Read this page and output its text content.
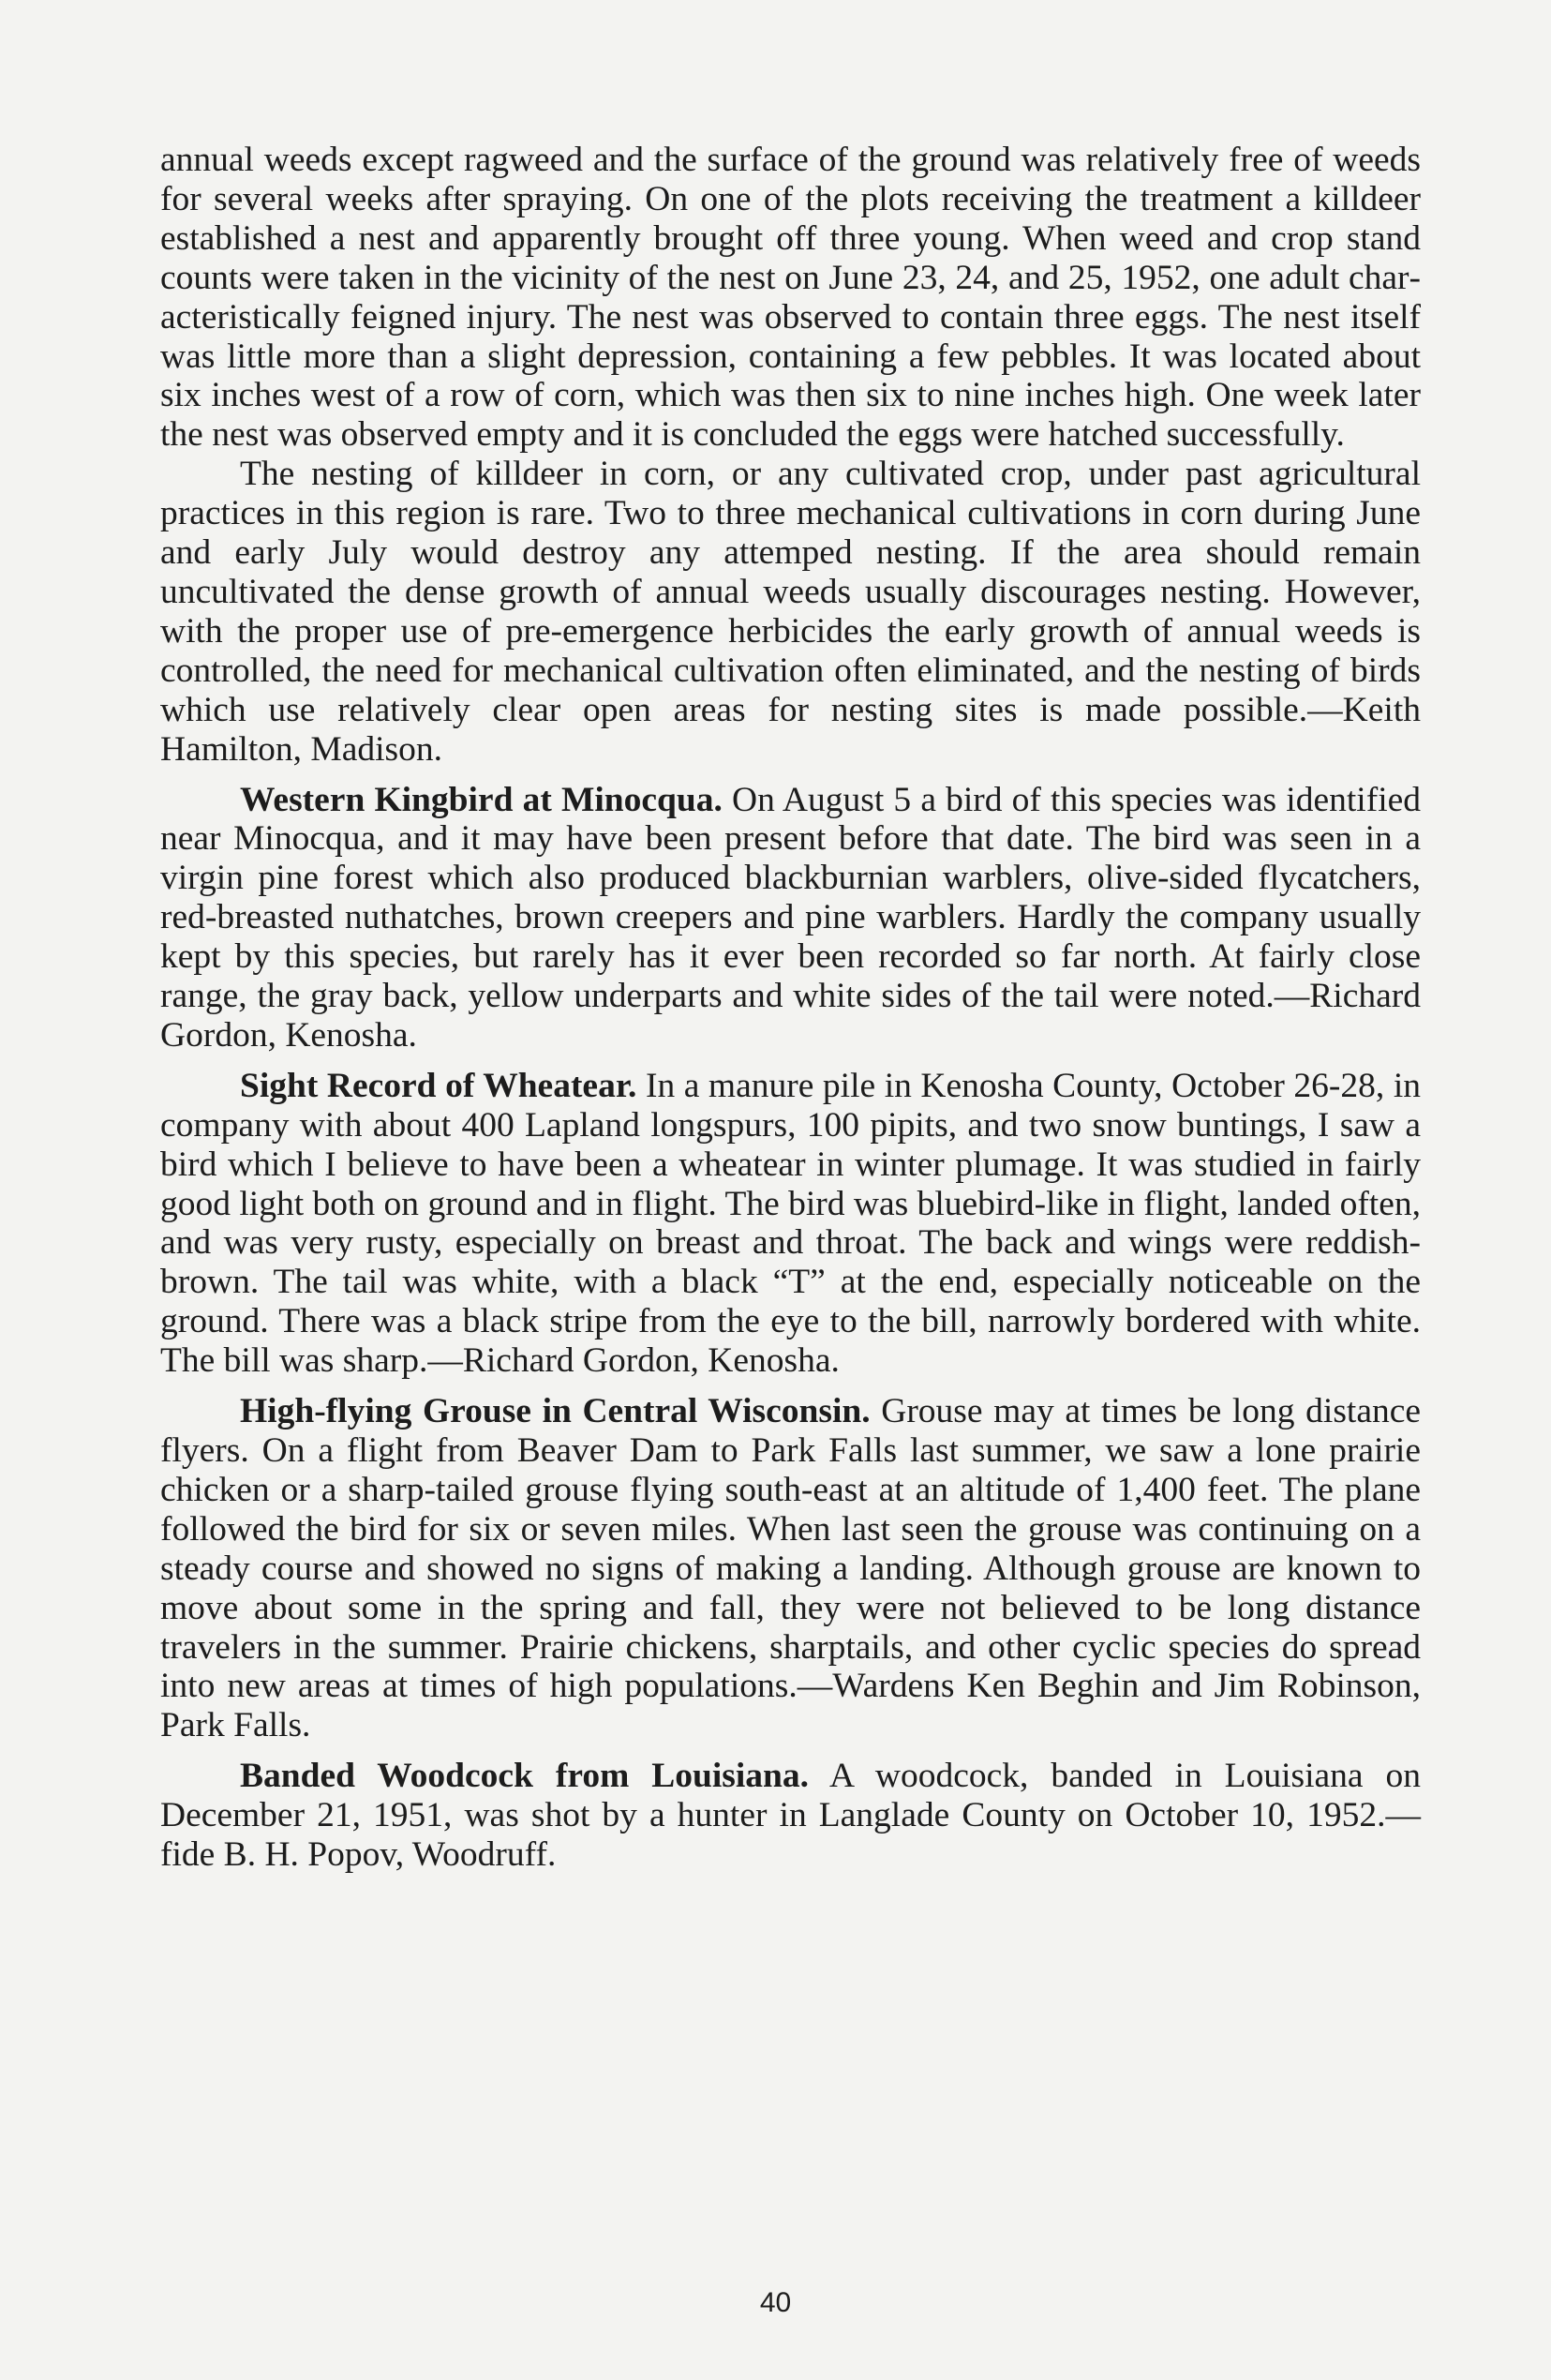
annual weeds except ragweed and the surface of the ground was relatively free of weeds for several weeks after spraying. On one of the plots receiving the treatment a killdeer established a nest and apparently brought off three young. When weed and crop stand counts were taken in the vicinity of the nest on June 23, 24, and 25, 1952, one adult characteristically feigned injury. The nest was observed to contain three eggs. The nest itself was little more than a slight depression, containing a few pebbles. It was located about six inches west of a row of corn, which was then six to nine inches high. One week later the nest was observed empty and it is concluded the eggs were hatched successfully.

The nesting of killdeer in corn, or any cultivated crop, under past agricultural practices in this region is rare. Two to three mechanical cultivations in corn during June and early July would destroy any attemped nesting. If the area should remain uncultivated the dense growth of annual weeds usually discourages nesting. However, with the proper use of pre-emergence herbicides the early growth of annual weeds is controlled, the need for mechanical cultivation often eliminated, and the nesting of birds which use relatively clear open areas for nesting sites is made possible.—Keith Hamilton, Madison.

Western Kingbird at Minocqua. On August 5 a bird of this species was identified near Minocqua, and it may have been present before that date. The bird was seen in a virgin pine forest which also produced blackburnian warblers, olive-sided flycatchers, red-breasted nuthatches, brown creepers and pine warblers. Hardly the company usually kept by this species, but rarely has it ever been recorded so far north. At fairly close range, the gray back, yellow underparts and white sides of the tail were noted.—Richard Gordon, Kenosha.

Sight Record of Wheatear. In a manure pile in Kenosha County, October 26-28, in company with about 400 Lapland longspurs, 100 pipits, and two snow buntings, I saw a bird which I believe to have been a wheatear in winter plumage. It was studied in fairly good light both on ground and in flight. The bird was bluebird-like in flight, landed often, and was very rusty, especially on breast and throat. The back and wings were reddish-brown. The tail was white, with a black “T” at the end, especially noticeable on the ground. There was a black stripe from the eye to the bill, narrowly bordered with white. The bill was sharp.—Richard Gordon, Kenosha.

High-flying Grouse in Central Wisconsin. Grouse may at times be long distance flyers. On a flight from Beaver Dam to Park Falls last summer, we saw a lone prairie chicken or a sharp-tailed grouse flying south-east at an altitude of 1,400 feet. The plane followed the bird for six or seven miles. When last seen the grouse was continuing on a steady course and showed no signs of making a landing. Although grouse are known to move about some in the spring and fall, they were not believed to be long distance travelers in the summer. Prairie chickens, sharptails, and other cyclic species do spread into new areas at times of high populations.—Wardens Ken Beghin and Jim Robinson, Park Falls.

Banded Woodcock from Louisiana. A woodcock, banded in Louisiana on December 21, 1951, was shot by a hunter in Langlade County on October 10, 1952.—fide B. H. Popov, Woodruff.

40
